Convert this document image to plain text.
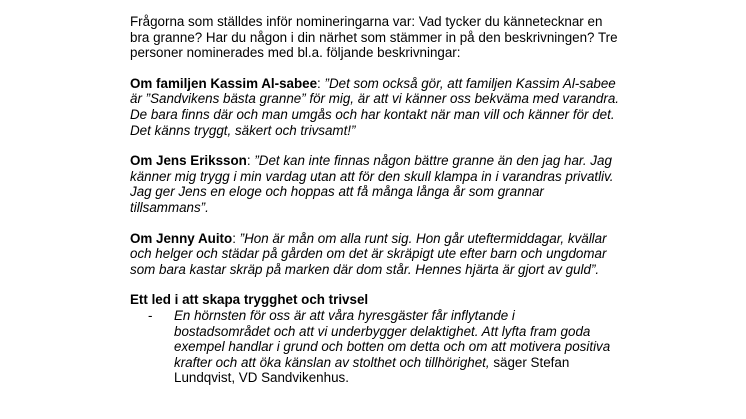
Frågorna som ställdes inför nomineringarna var: Vad tycker du kännetecknar en bra granne? Har du någon i din närhet som stämmer in på den beskrivningen? Tre personer nominerades med bl.a. följande beskrivningar:

Om familjen Kassim Al-sabee: ”Det som också gör, att familjen Kassim Al-sabee är ”Sandvikens bästa granne” för mig, är att vi känner oss bekväma med varandra. De bara finns där och man umgås och har kontakt när man vill och känner för det. Det känns tryggt, säkert och trivsamt!”

Om Jens Eriksson: ”Det kan inte finnas någon bättre granne än den jag har. Jag känner mig trygg i min vardag utan att för den skull klampa in i varandras privatliv. Jag ger Jens en eloge och hoppas att få många långa år som grannar tillsammans”.

Om Jenny Auito: ”Hon är mån om alla runt sig. Hon går uteftermiddagar, kvällar och helger och städar på gården om det är skräpigt ute efter barn och ungdomar som bara kastar skräp på marken där dom står. Hennes hjärta är gjort av guld”.

Ett led i att skapa trygghet och trivsel

- En hörnsten för oss är att våra hyresgäster får inflytande i bostadsområdet och att vi underbygger delaktighet. Att lyfta fram goda exempel handlar i grund och botten om detta och om att motivera positiva krafter och att öka känslan av stolthet och tillhörighet, säger Stefan Lundqvist, VD Sandvikenhus.
